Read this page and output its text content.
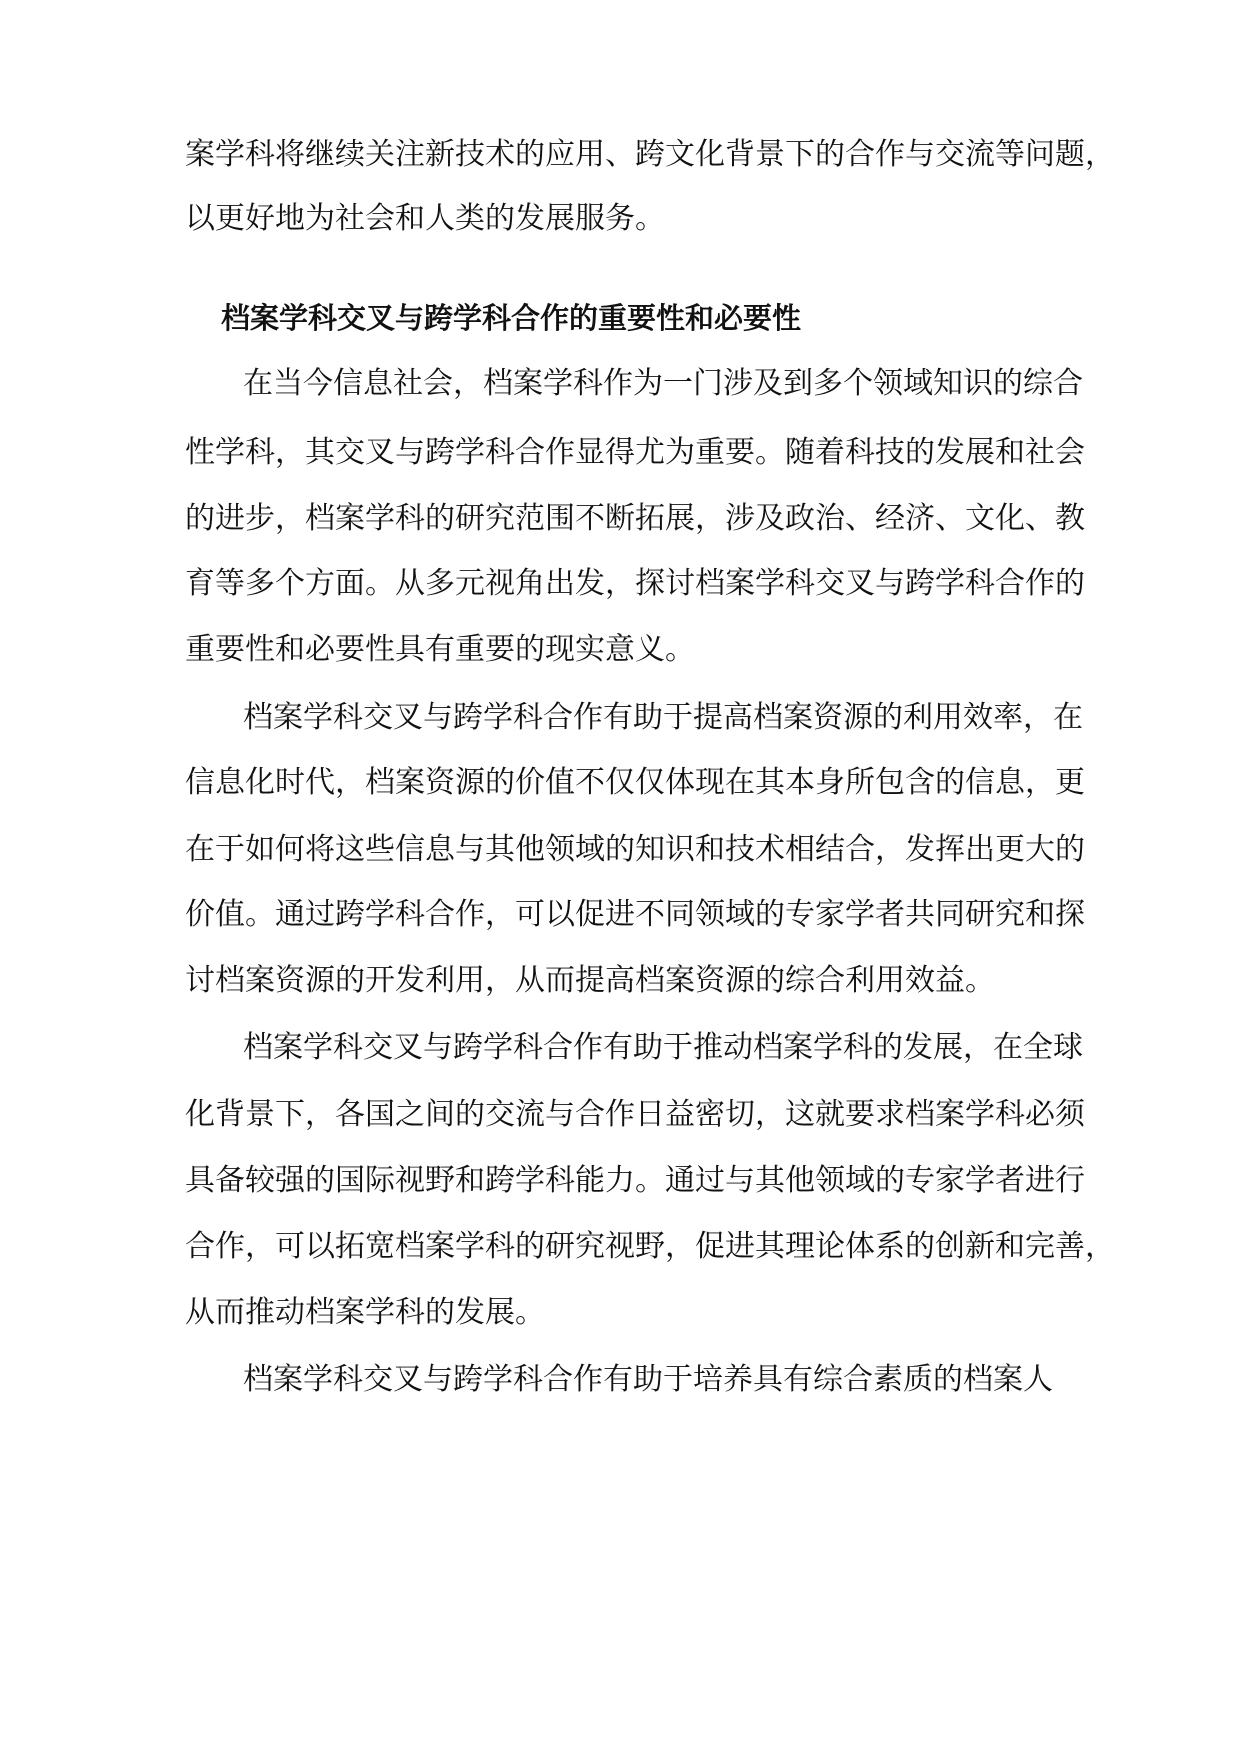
案学科将继续关注新技术的应用、跨文化背景下的合作与交流等问题，
以更好地为社会和人类的发展服务。
档案学科交叉与跨学科合作的重要性和必要性
在当今信息社会，档案学科作为一门涉及到多个领域知识的综合
性学科，其交叉与跨学科合作显得尤为重要。随着科技的发展和社会
的进步，档案学科的研究范围不断拓展，涉及政治、经济、文化、教
育等多个方面。从多元视角出发，探讨档案学科交叉与跨学科合作的
重要性和必要性具有重要的现实意义。
档案学科交叉与跨学科合作有助于提高档案资源的利用效率，在
信息化时代，档案资源的价值不仅仅体现在其本身所包含的信息，更
在于如何将这些信息与其他领域的知识和技术相结合，发挥出更大的
价值。通过跨学科合作，可以促进不同领域的专家学者共同研究和探
讨档案资源的开发利用，从而提高档案资源的综合利用效益。
档案学科交叉与跨学科合作有助于推动档案学科的发展，在全球
化背景下，各国之间的交流与合作日益密切，这就要求档案学科必须
具备较强的国际视野和跨学科能力。通过与其他领域的专家学者进行
合作，可以拓宽档案学科的研究视野，促进其理论体系的创新和完善，
从而推动档案学科的发展。
档案学科交叉与跨学科合作有助于培养具有综合素质的档案人
